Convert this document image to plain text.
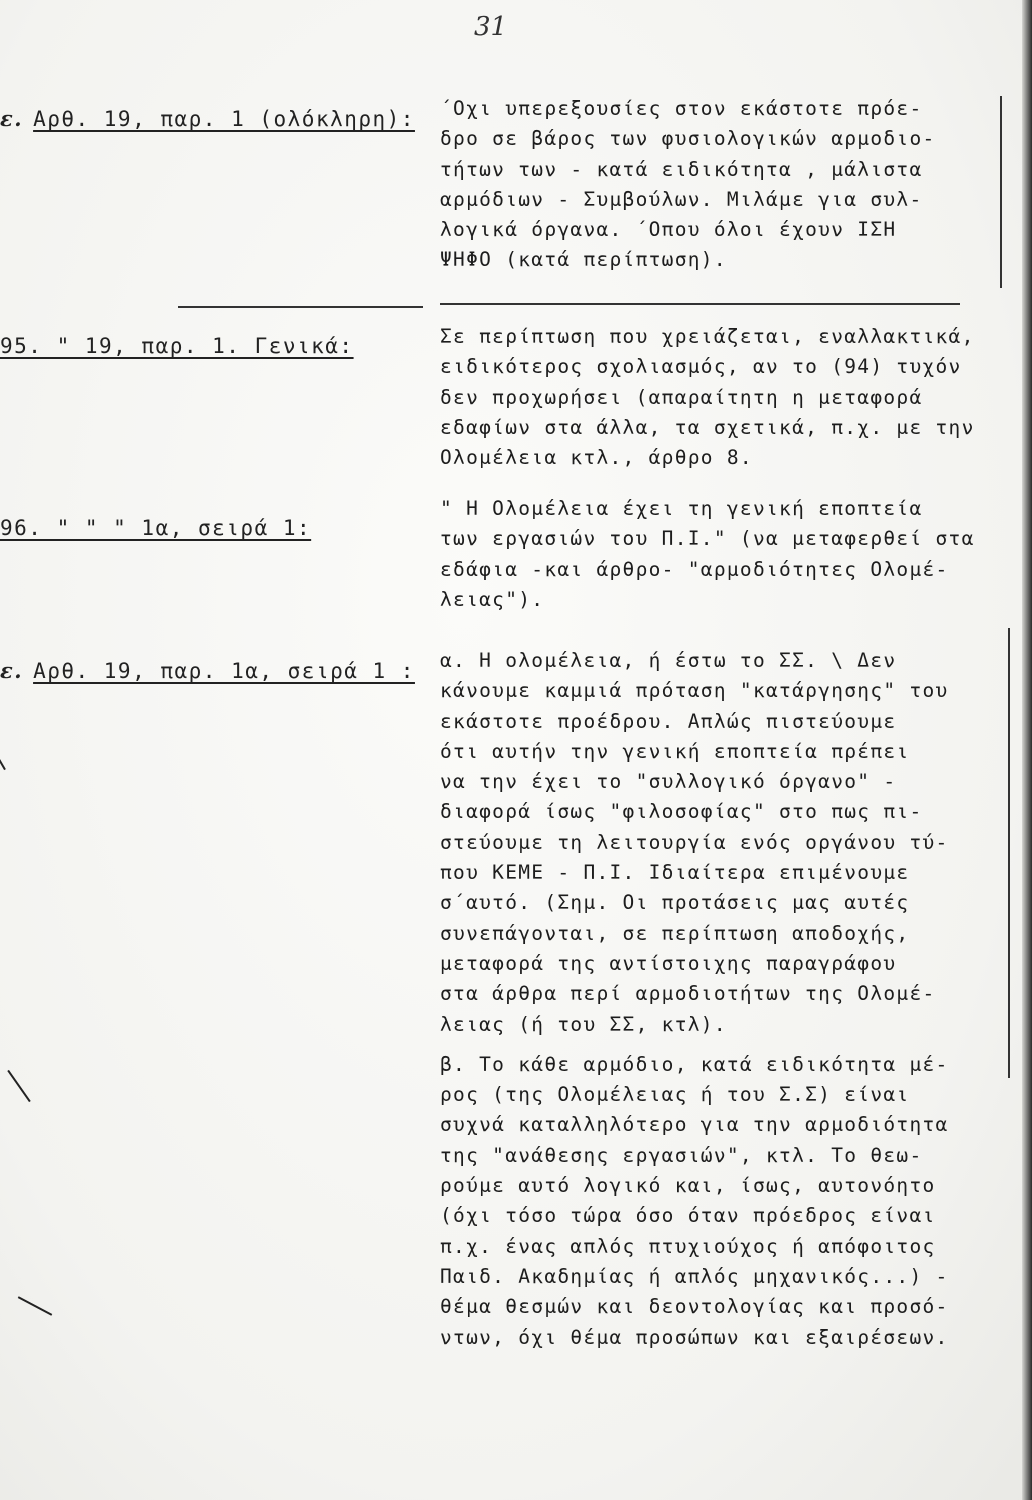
31
ε. Αρθ. 19, παρ. 1 (ολόκληρη): ΄Οχι υπερεξουσίες στον εκάστοτε πρόε-
δρο σε βάρος των φυσιολογικών αρμοδιο-
τήτων των - κατά ειδικότητα , μάλιστα
αρμόδιων - Συμβούλων. Μιλάμε για συλ-
λογικά όργανα. ΄Οπου όλοι έχουν ΙΣΗ
ΨΗΦΟ (κατά περίπτωση).
95. " 19, παρ. 1. Γενικά:	Σε περίπτωση που χρειάζεται, εναλλακτικά,
ειδικότερος σχολιασμός, αν το (94) τυχόν
δεν προχωρήσει (απαραίτητη η μεταφορά
εδαφίων στα άλλα, τα σχετικά, π.χ. με την
Ολομέλεια κτλ., άρθρο 8.
96. " " " 1α, σειρά 1:
" Η Ολομέλεια έχει τη γενική εποπτεία
των εργασιών του Π.Ι." (να μεταφερθεί στα
εδάφια -και άρθρο- "αρμοδιότητες Ολομέ-
λειας").
ε. Αρθ. 19, παρ. 1α, σειρά 1 : α. Η ολομέλεια, ή έστω το ΣΣ. \ Δεν
κάνουμε καμμιά πρόταση "κατάργησης" του
εκάστοτε προέδρου. Απλώς πιστεύουμε
ότι αυτήν την γενική εποπτεία πρέπει
να την έχει το "συλλογικό όργανο" -
διαφορά ίσως "φιλοσοφίας" στο πως πι-
στεύουμε τη λειτουργία ενός οργάνου τύ-
που ΚΕΜΕ - Π.Ι. Ιδιαίτερα επιμένουμε
σ΄αυτό. (Σημ. Οι προτάσεις μας αυτές
συνεπάγονται, σε περίπτωση αποδοχής,
μεταφορά της αντίστοιχης παραγράφου
στα άρθρα περί αρμοδιοτήτων της Ολομέ-
λειας (ή του ΣΣ, κτλ).
β. Το κάθε αρμόδιο, κατά ειδικότητα μέ-
ρος (της Ολομέλειας ή του Σ.Σ) είναι
συχνά καταλληλότερο για την αρμοδιότητα
της "ανάθεσης εργασιών", κτλ. Το θεω-
ρούμε αυτό λογικό και, ίσως, αυτονόητο
(όχι τόσο τώρα όσο όταν πρόεδρος είναι
π.χ. ένας απλός πτυχιούχος ή απόφοιτος
Παιδ. Ακαδημίας ή απλός μηχανικός...) -
θέμα θεσμών και δεοντολογίας και προσό-
ντων, όχι θέμα προσώπων και εξαιρέσεων.
